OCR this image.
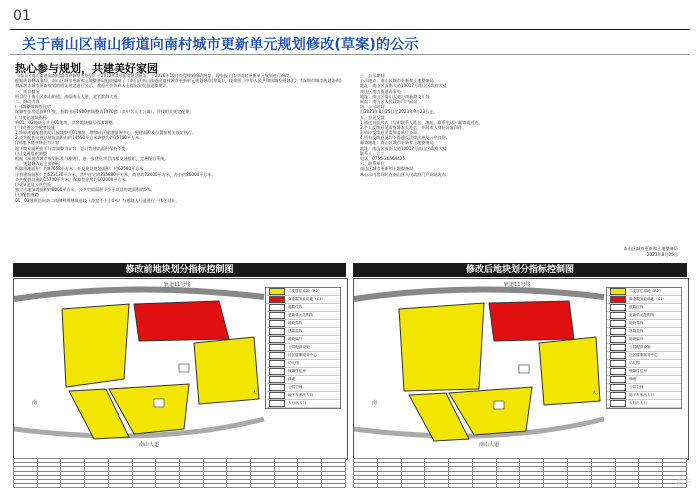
01
关于南山区南山街道向南村城市更新单元规划修改(草案)的公示
热心参与规划，共建美好家园
《南山区南山街道向南村城市更新单元规划》于2012年4月获得规划批复，于2016年10月获得规划修改批复，现申报主体申请对更新单元规划进行修改。
根据规划修改事项，南山区城市更新和土地整备局组织编制了《南山区南山街道向南村城市更新单元规划修改(草案)》，现按照《中华人民共和国城乡规划法》、《深圳市城市规划条例》
和深圳市城市更新规划的相关规定进行公示，欢迎社会各界人士提出宝贵意见和建议。
一、项目概况
项目位于南山区南山街道，南临南山大道，北至滨海大道。
二、修改内容
(一)调整保障性住房
保障性住房总面积不变，套数由原1900套调整为1970套（其中含人才公寓），并按相关规定配建。
(二)优化地块指标
将01、02地块合并为01地块，其余地块编号依次调整。
(三)完善公共配套设施
1.将原规划配套的幼儿园调整至01地块，增加社区健康服务中心，配建面积及位置按相关规定执行。
2.公共配套设施总建筑面积由约14550平方米调整为约15700平方米。
(四)地下商业修正为计容
地下商业面积由不计容调整为计容，总计容建筑面积保持不变。
(五)交通组织调整
根据《深圳市城市规划标准与准则》，进一步优化项目内部交通组织，完善慢行系统。
三、规划修改后主要指标
拆除用地面积：约97658平方米；开发建设用地面积：约62580平方米。
计容建筑面积：约523130平方米，其中住宅约335880平方米，商业约72000平方米，办公约86000平方米。
公共配套设施约15700平方米，保障性住房约102000平方米。
(六)绿化及公共空间
独立占地绿地面积约8000平方米，公共空间面积不少于项目用地面积的5%。
(七)配套道路
01、03地块沿向南二街侧利用建筑退线（净宽不小于4米）与道路人行道进行一体化设计。
三、公示期间
公示地点：南山区城市更新和土地整备局
地址：南山区深南大道10017号南山区政府大楼
南山区南山街道办事处
地址：南山区南山大道与南新路交汇处
网站：南山区人民政府门户网站
四、公示时间
自2023年8月25日至2023年9月23日止。
五、意见反馈
1.通过书面形式（写明联系人姓名、地址、联系电话）邮寄或送达。
2.个人反馈意见需签署本人姓名，并附本人身份证复印件。
3.单位反馈意见需加盖单位公章。
4.所有反馈意见均不得违反法律法规及公序良俗。
邮寄地址：南山区城市更新和土地整备局
地址：南山区深南大道10017号南山区政府大楼
联系人：方工
电话：0755-26564425
六、联系单位
南山区城市更新和土地整备局
本公示内容同时在南山区人民政府门户网站发布。
南山区城市更新和土地整备局
2023年8月25日
修改前地块划分指标控制图	修改后地块划分指标控制图
轨道11号线
南山大道
南
大
二类居住用地（R2）
商业服务业用地（C1）
道路红线
更新单元范围线
地块界线
建筑退线
地块编号
公共配套设施
社区健康服务中心
幼儿园
保障性住房
绿地
公共空间
地下车库出入口
人行出入口
轨道11号线
南山大道
南
大
二类居住用地（R2）
商业服务业用地（C1）
道路红线
更新单元范围线
地块界线
建筑退线
地块编号
公共配套设施
社区健康服务中心
幼儿园
保障性住房
绿地
公共空间
地下车库出入口
人行出入口

南方
